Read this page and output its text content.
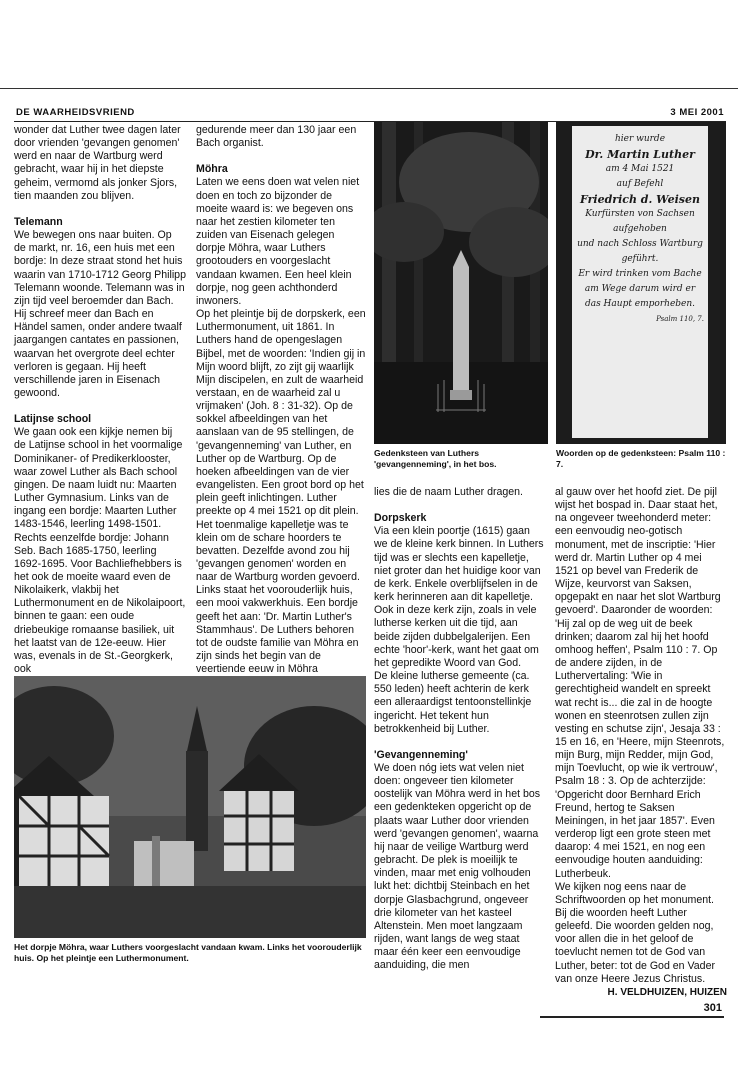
DE WAARHEIDSVRIEND	3 MEI 2001

wonder dat Luther twee dagen later door vrienden 'gevangen genomen' werd en naar de Wartburg werd gebracht, waar hij in het diepste geheim, vermomd als jonker Sjors, tien maanden zou blijven.

Telemann

We bewegen ons naar buiten. Op de markt, nr. 16, een huis met een bordje: In deze straat stond het huis waarin van 1710-1712 Georg Philipp Telemann woonde. Telemann was in zijn tijd veel beroemder dan Bach. Hij schreef meer dan Bach en Händel samen, onder andere twaalf jaargangen cantates en passionen, waarvan het overgrote deel echter verloren is gegaan. Hij heeft verschillende jaren in Eisenach gewoond.

Latijnse school

We gaan ook een kijkje nemen bij de Latijnse school in het voormalige Dominikaner- of Predikerklooster, waar zowel Luther als Bach school gingen. De naam luidt nu: Maarten Luther Gymnasium. Links van de ingang een bordje: Maarten Luther 1483-1546, leerling 1498-1501. Rechts eenzelfde bordje: Johann Seb. Bach 1685-1750, leerling 1692-1695. Voor Bachliefhebbers is het ook de moeite waard even de Nikolaikerk, vlakbij het Luthermonument en de Nikolaipoort, binnen te gaan: een oude driebeukige romaanse basiliek, uit het laatst van de 12e-eeuw. Hier was, evenals in de St.-Georgkerk, ook

gedurende meer dan 130 jaar een Bach organist.

Möhra

Laten we eens doen wat velen niet doen en toch zo bijzonder de moeite waard is: we begeven ons naar het zestien kilometer ten zuiden van Eisenach gelegen dorpje Möhra, waar Luthers grootouders en voorgeslacht vandaan kwamen. Een heel klein dorpje, nog geen achthonderd inwoners.

Op het pleintje bij de dorpskerk, een Luthermonument, uit 1861. In Luthers hand de opengeslagen Bijbel, met de woorden: 'Indien gij in Mijn woord blijft, zo zijt gij waarlijk Mijn discipelen, en zult de waarheid verstaan, en de waarheid zal u vrijmaken' (Joh. 8 : 31-32). Op de sokkel afbeeldingen van het aanslaan van de 95 stellingen, de 'gevangenneming' van Luther, en Luther op de Wartburg. Op de hoeken afbeeldingen van de vier evangelisten. Een groot bord op het plein geeft inlichtingen. Luther preekte op 4 mei 1521 op dit plein. Het toenmalige kapelletje was te klein om de schare hoorders te bevatten. Dezelfde avond zou hij 'gevangen genomen' worden en naar de Wartburg worden gevoerd. Links staat het voorouderlijk huis, een mooi vakwerkhuis. Een bordje geeft het aan: 'Dr. Martin Luther's Stammhaus'. De Luthers behoren tot de oudste familie van Möhra en zijn sinds het begin van de veertiende eeuw in Möhra

lies die de naam Luther dragen.

Dorpskerk

Via een klein poortje (1615) gaan we de kleine kerk binnen. In Luthers tijd was er slechts een kapelletje, niet groter dan het huidige koor van de kerk. Enkele overblijfselen in de kerk herinneren aan dit kapelletje.

Ook in deze kerk zijn, zoals in vele lutherse kerken uit die tijd, aan beide zijden dubbelgalerijen. Een echte 'hoor'-kerk, want het gaat om het gepredikte Woord van God.

De kleine lutherse gemeente (ca. 550 leden) heeft achterin de kerk een alleraardigst tentoonstellinkje ingericht. Het tekent hun betrokkenheid bij Luther.

'Gevangenneming'

We doen nóg iets wat velen niet doen: ongeveer tien kilometer oostelijk van Möhra werd in het bos een gedenkteken opgericht op de plaats waar Luther door vrienden werd 'gevangen genomen', waarna hij naar de veilige Wartburg werd gebracht. De plek is moeilijk te vinden, maar met enig volhouden lukt het: dichtbij Steinbach en het dorpje Glasbachgrund, ongeveer drie kilometer van het kasteel Altenstein. Men moet langzaam rijden, want langs de weg staat maar één keer een eenvoudige aanduiding, die men

al gauw over het hoofd ziet. De pijl wijst het bospad in. Daar staat het, na ongeveer tweehonderd meter: een eenvoudig neo-gotisch monument, met de inscriptie: 'Hier werd dr. Martin Luther op 4 mei 1521 op bevel van Frederik de Wijze, keurvorst van Saksen, opgepakt en naar het slot Wartburg gevoerd'. Daaronder de woorden: 'Hij zal op de weg uit de beek drinken; daarom zal hij het hoofd omhoog heffen', Psalm 110 : 7. Op de andere zijden, in de Luthervertaling: 'Wie in gerechtigheid wandelt en spreekt wat recht is... die zal in de hoogte wonen en steenrotsen zullen zijn vesting en schutse zijn', Jesaja 33 : 15 en 16, en 'Heere, mijn Steenrots, mijn Burg, mijn Redder, mijn God, mijn Toevlucht, op wie ik vertrouw', Psalm 18 : 3. Op de achterzijde: 'Opgericht door Bernhard Erich Freund, hertog te Saksen Meiningen, in het jaar 1857'. Even verderop ligt een grote steen met daarop: 4 mei 1521, en nog een eenvoudige houten aanduiding: Lutherbeuk.

We kijken nog eens naar de Schriftwoorden op het monument. Bij die woorden heeft Luther geleefd. Die woorden gelden nog, voor allen die in het geloof de toevlucht nemen tot de God van Luther, beter: tot de God en Vader van onze Heere Jezus Christus.

H. VELDHUIZEN, HUIZEN

Gedenksteen van Luthers 'gevangenneming', in het bos.
hier wurde
Dr. Martin Luther
am 4 Mai 1521
auf Befehl
Friedrich d. Weisen
Kurfürsten von Sachsen
aufgehoben
und nach Schloss Wartburg
geführt.
Er wird trinken vom Bache
am Wege darum wird er
das Haupt emporheben.
Psalm 110, 7.
Woorden op de gedenksteen: Psalm 110 : 7.
Het dorpje Möhra, waar Luthers voorgeslacht vandaan kwam. Links het voorouderlijk huis. Op het pleintje een Luthermonument.
301
